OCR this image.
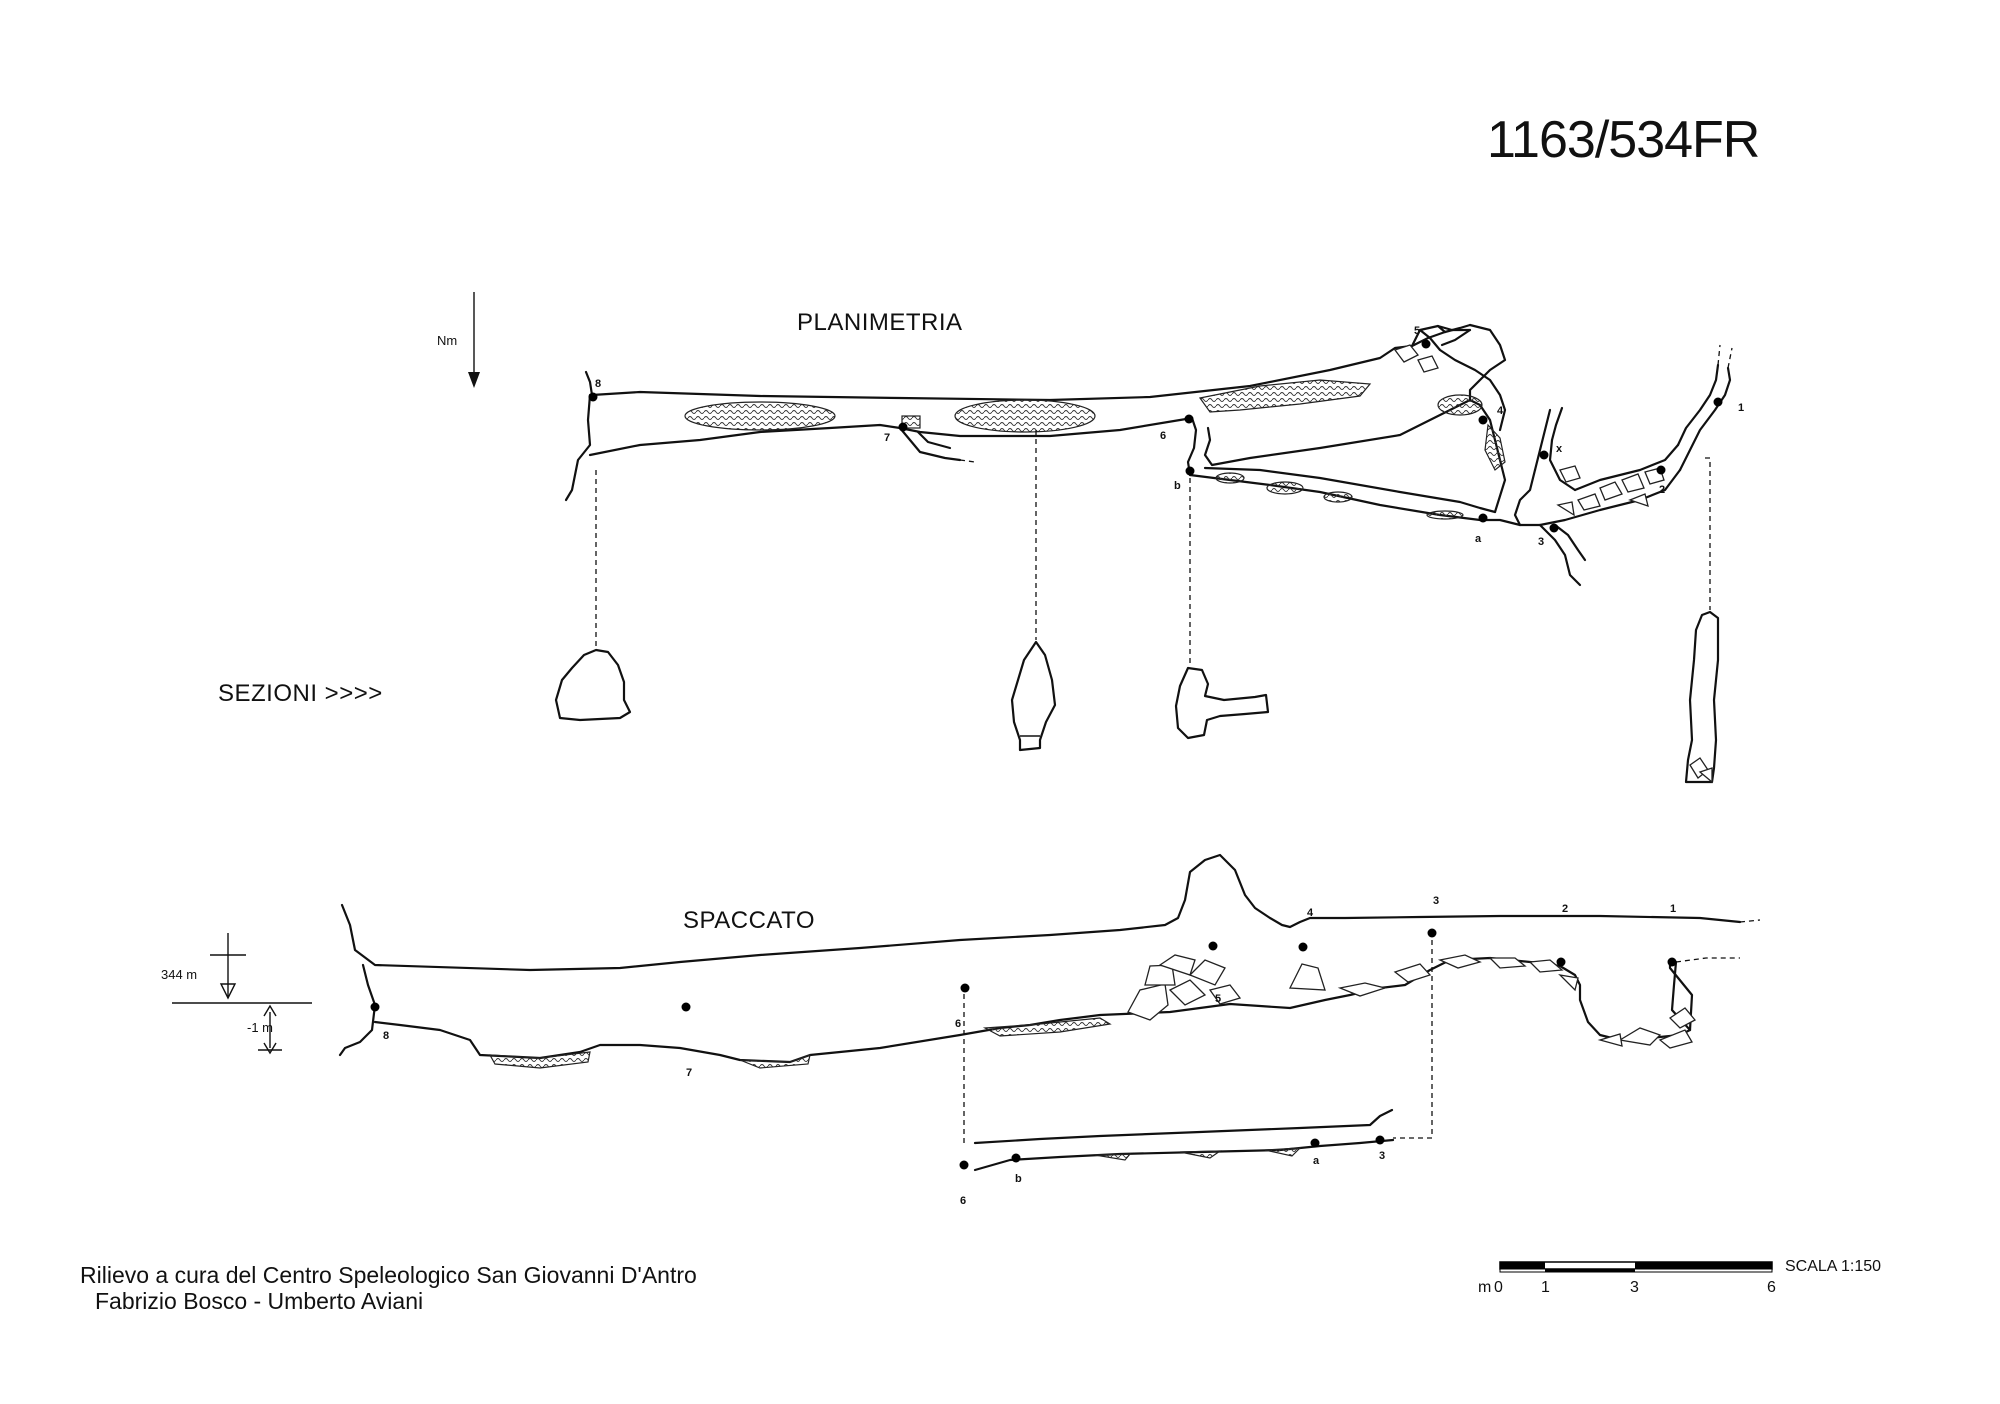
1163/534FR
Nm
PLANIMETRIA
SEZIONI >>>>
SPACCATO
344 m
-1 m
8
7	6
b
5
4
x
a	3
2
1
8
7
6
5
4
3
2	1
6
b
a	3
Rilievo a cura del Centro Speleologico San Giovanni D'Antro
Fabrizio Bosco - Umberto Aviani
m 0 1	3	6
SCALA 1:150
